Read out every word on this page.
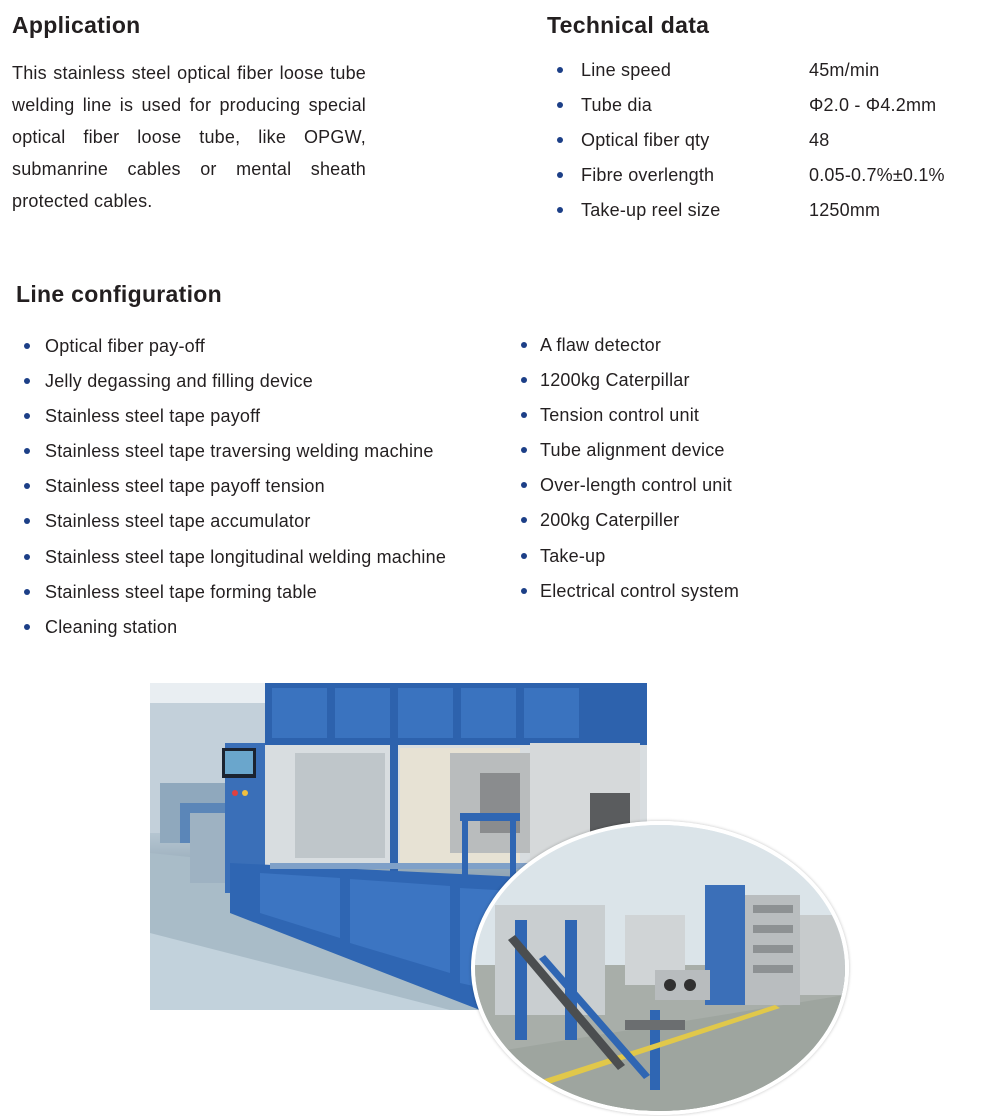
Application	Technical data

This stainless steel optical fiber loose tube welding line is used for producing special optical fiber loose tube, like OPGW, submanrine cables or mental sheath protected cables.

Line speed	45m/min
Tube dia	Φ2.0 - Φ4.2mm
Optical fiber qty	48
Fibre overlength	0.05-0.7%±0.1%
Take-up reel size	1250mm
Line configuration
Optical fiber pay-off
Jelly degassing and filling device
Stainless steel tape payoff
Stainless steel tape traversing welding machine
Stainless steel tape payoff tension
Stainless steel tape accumulator
Stainless steel tape longitudinal welding machine
Stainless steel tape forming table
Cleaning station
A flaw detector
1200kg Caterpillar
Tension control unit
Tube alignment device
Over-length control unit
200kg Caterpiller
Take-up
Electrical control system
